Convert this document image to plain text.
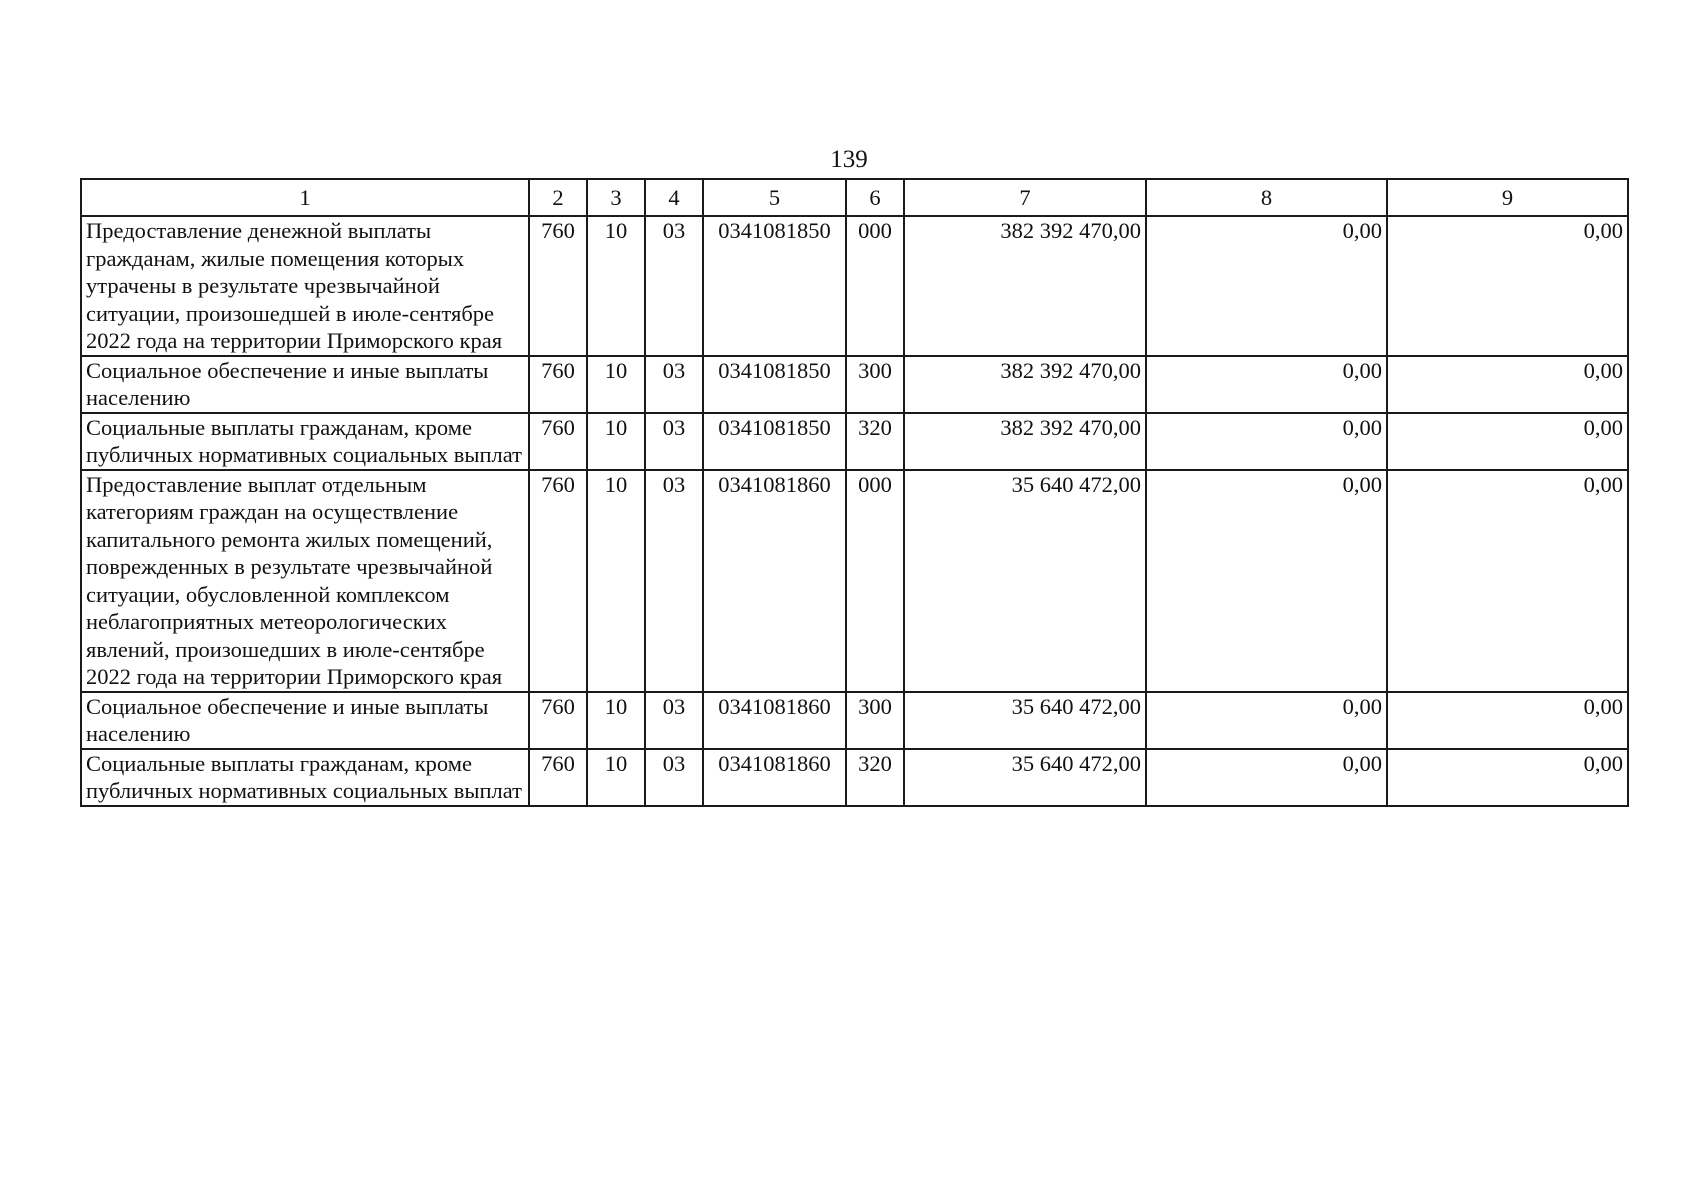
139
1	2	3	4	5	6	7	8	9
Предоставление денежной выплаты гражданам, жилые помещения которых утрачены в результате чрезвычайной ситуации, произошедшей в июле-сентябре 2022 года на территории Приморского края	760	10	03	0341081850	000	382 392 470,00	0,00	0,00
Социальное обеспечение и иные выплаты населению	760	10	03	0341081850	300	382 392 470,00	0,00	0,00
Социальные выплаты гражданам, кроме публичных нормативных социальных выплат	760	10	03	0341081850	320	382 392 470,00	0,00	0,00
Предоставление выплат отдельным категориям граждан на осуществление капитального ремонта жилых помещений, поврежденных в результате чрезвычайной ситуации, обусловленной комплексом неблагоприятных метеорологических явлений, произошедших в июле-сентябре 2022 года на территории Приморского края	760	10	03	0341081860	000	35 640 472,00	0,00	0,00
Социальное обеспечение и иные выплаты населению	760	10	03	0341081860	300	35 640 472,00	0,00	0,00
Социальные выплаты гражданам, кроме публичных нормативных социальных выплат	760	10	03	0341081860	320	35 640 472,00	0,00	0,00
